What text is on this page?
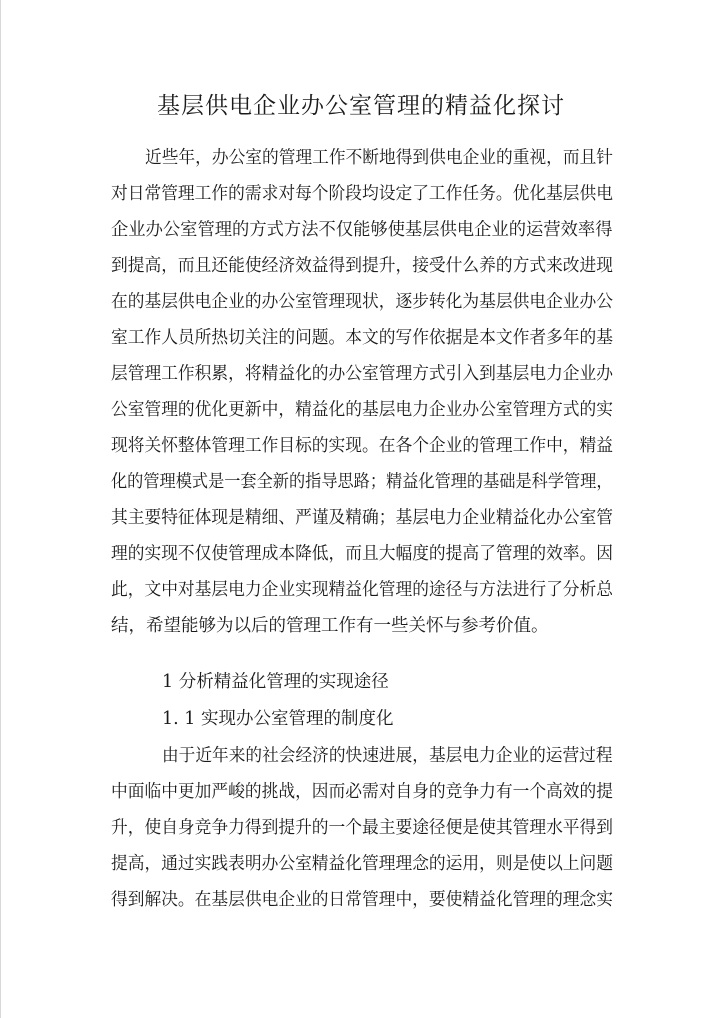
基层供电企业办公室管理的精益化探讨
近些年，办公室的管理工作不断地得到供电企业的重视，而且针
对日常管理工作的需求对每个阶段均设定了工作任务。优化基层供电
企业办公室管理的方式方法不仅能够使基层供电企业的运营效率得
到提高，而且还能使经济效益得到提升，接受什么养的方式来改进现
在的基层供电企业的办公室管理现状，逐步转化为基层供电企业办公
室工作人员所热切关注的问题。本文的写作依据是本文作者多年的基
层管理工作积累，将精益化的办公室管理方式引入到基层电力企业办
公室管理的优化更新中，精益化的基层电力企业办公室管理方式的实
现将关怀整体管理工作目标的实现。在各个企业的管理工作中，精益
化的管理模式是一套全新的指导思路；精益化管理的基础是科学管理，
其主要特征体现是精细、严谨及精确；基层电力企业精益化办公室管
理的实现不仅使管理成本降低，而且大幅度的提高了管理的效率。因
此，文中对基层电力企业实现精益化管理的途径与方法进行了分析总
结，希望能够为以后的管理工作有一些关怀与参考价值。
1 分析精益化管理的实现途径
1. 1 实现办公室管理的制度化
由于近年来的社会经济的快速进展，基层电力企业的运营过程
中面临中更加严峻的挑战，因而必需对自身的竞争力有一个高效的提
升，使自身竞争力得到提升的一个最主要途径便是使其管理水平得到
提高，通过实践表明办公室精益化管理理念的运用，则是使以上问题
得到解决。在基层供电企业的日常管理中，要使精益化管理的理念实
